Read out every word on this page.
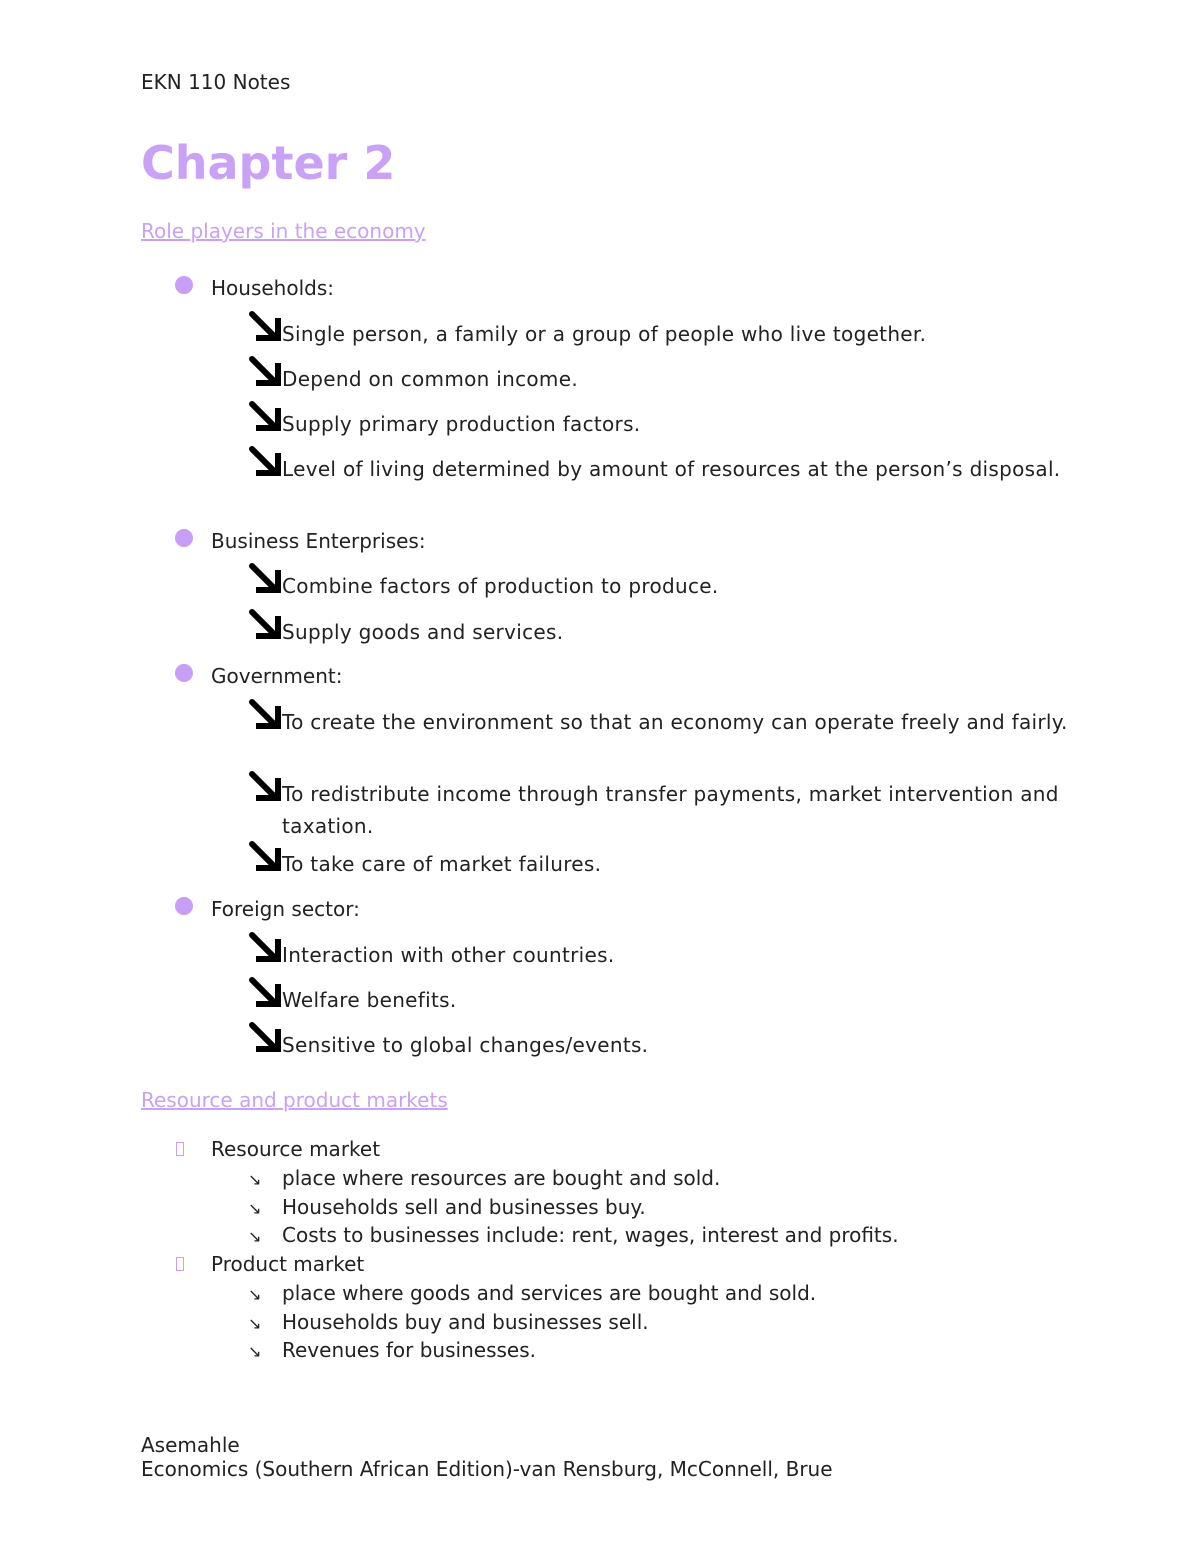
EKN 110 Notes
Chapter 2
Role players in the economy
Households:
Single person, a family or a group of people who live together.
Depend on common income.
Supply primary production factors.
Level of living determined by amount of resources at the person’s disposal.
Business Enterprises:
Combine factors of production to produce.
Supply goods and services.
Government:
To create the environment so that an economy can operate freely and fairly.
To redistribute income through transfer payments, market intervention and taxation.
To take care of market failures.
Foreign sector:
Interaction with other countries.
Welfare benefits.
Sensitive to global changes/events.
Resource and product markets
Resource market
↘ place where resources are bought and sold.
↘ Households sell and businesses buy.
↘ Costs to businesses include: rent, wages, interest and profits.
Product market
↘ place where goods and services are bought and sold.
↘ Households buy and businesses sell.
↘ Revenues for businesses.
Asemahle
Economics (Southern African Edition)-van Rensburg, McConnell, Brue
